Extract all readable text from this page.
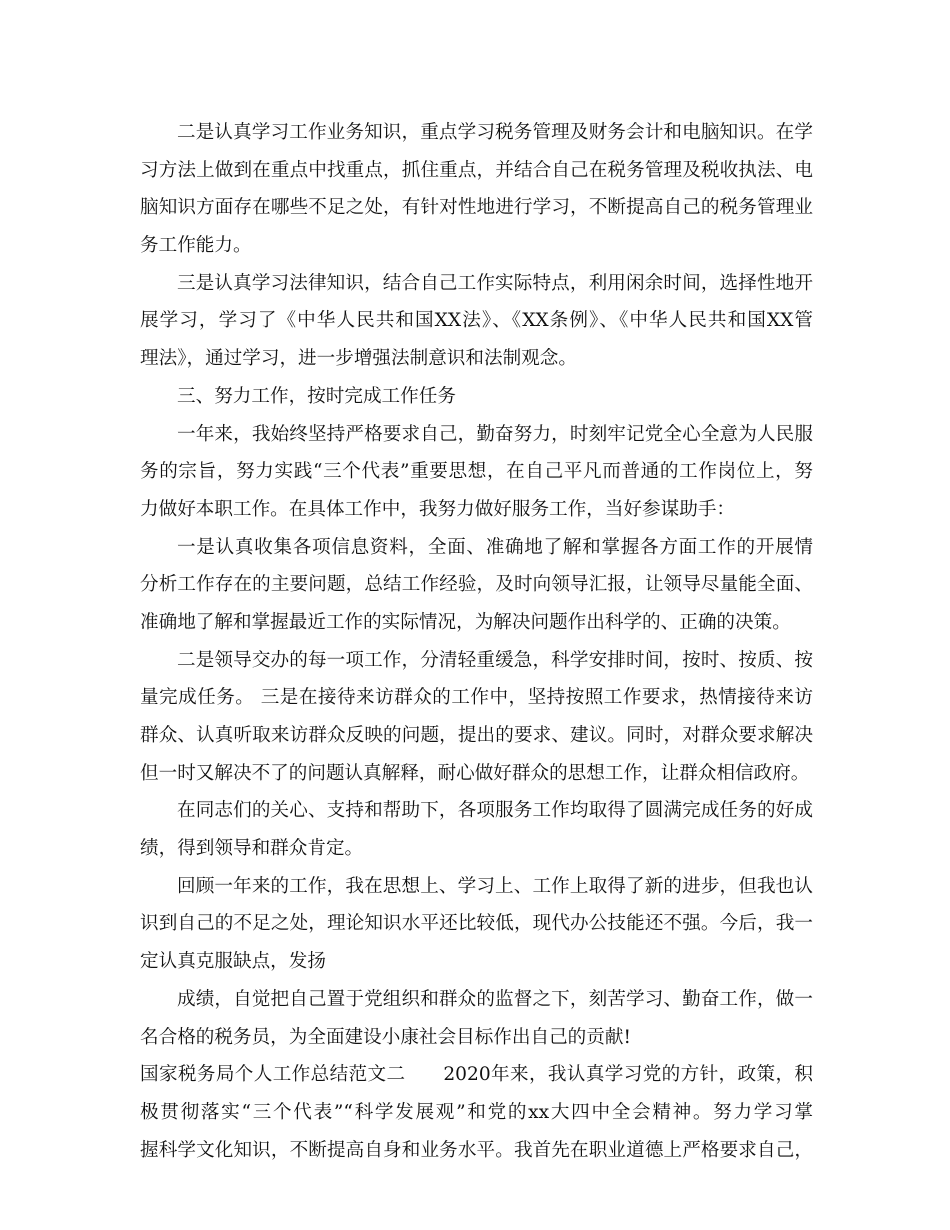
二是认真学习工作业务知识，重点学习税务管理及财务会计和电脑知识。在学
习方法上做到在重点中找重点，抓住重点，并结合自己在税务管理及税收执法、电
脑知识方面存在哪些不足之处，有针对性地进行学习，不断提高自己的税务管理业
务工作能力。
三是认真学习法律知识，结合自己工作实际特点，利用闲余时间，选择性地开
展学习，学习了《中华人民共和国XX法》、《XX条例》、《中华人民共和国XX管
理法》，通过学习，进一步增强法制意识和法制观念。
三、努力工作，按时完成工作任务
一年来，我始终坚持严格要求自己，勤奋努力，时刻牢记党全心全意为人民服
务的宗旨，努力实践“三个代表”重要思想，在自己平凡而普通的工作岗位上，努
力做好本职工作。在具体工作中，我努力做好服务工作，当好参谋助手：
一是认真收集各项信息资料，全面、准确地了解和掌握各方面工作的开展情
分析工作存在的主要问题，总结工作经验，及时向领导汇报，让领导尽量能全面、
准确地了解和掌握最近工作的实际情况，为解决问题作出科学的、正确的决策。
二是领导交办的每一项工作，分清轻重缓急，科学安排时间，按时、按质、按
量完成任务。 三是在接待来访群众的工作中，坚持按照工作要求，热情接待来访
群众、认真听取来访群众反映的问题，提出的要求、建议。同时，对群众要求解决
但一时又解决不了的问题认真解释，耐心做好群众的思想工作，让群众相信政府。
在同志们的关心、支持和帮助下，各项服务工作均取得了圆满完成任务的好成
绩，得到领导和群众肯定。
回顾一年来的工作，我在思想上、学习上、工作上取得了新的进步，但我也认
识到自己的不足之处，理论知识水平还比较低，现代办公技能还不强。今后，我一
定认真克服缺点，发扬
成绩，自觉把自己置于党组织和群众的监督之下，刻苦学习、勤奋工作，做一
名合格的税务员，为全面建设小康社会目标作出自己的贡献!
国家税务局个人工作总结范文二　　2020年来，我认真学习党的方针，政策，积
极贯彻落实“三个代表”“科学发展观”和党的xx大四中全会精神。努力学习掌
握科学文化知识，不断提高自身和业务水平。我首先在职业道德上严格要求自己，
